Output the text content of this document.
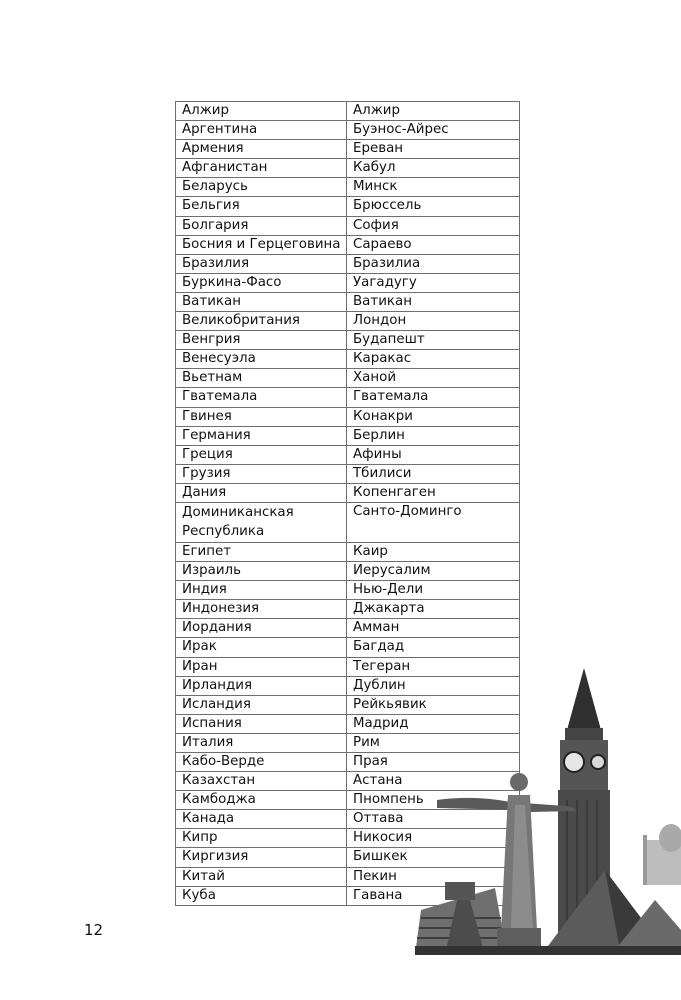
Алжир	Алжир
Аргентина	Буэнос-Айрес
Армения	Ереван
Афганистан	Кабул
Беларусь	Минск
Бельгия	Брюссель
Болгария	София
Босния и Герцеговина	Сараево
Бразилия	Бразилиа
Буркина-Фасо	Уагадугу
Ватикан	Ватикан
Великобритания	Лондон
Венгрия	Будапешт
Венесуэла	Каракас
Вьетнам	Ханой
Гватемала	Гватемала
Гвинея	Конакри
Германия	Берлин
Греция	Афины
Грузия	Тбилиси
Дания	Копенгаген
Доминиканская Республика	Санто-Доминго
Египет	Каир
Израиль	Иерусалим
Индия	Нью-Дели
Индонезия	Джакарта
Иордания	Амман
Ирак	Багдад
Иран	Тегеран
Ирландия	Дублин
Исландия	Рейкьявик
Испания	Мадрид
Италия	Рим
Кабо-Верде	Прая
Казахстан	Астана
Камбоджа	Пномпень
Канада	Оттава
Кипр	Никосия
Киргизия	Бишкек
Китай	Пекин
Куба	Гавана
12
